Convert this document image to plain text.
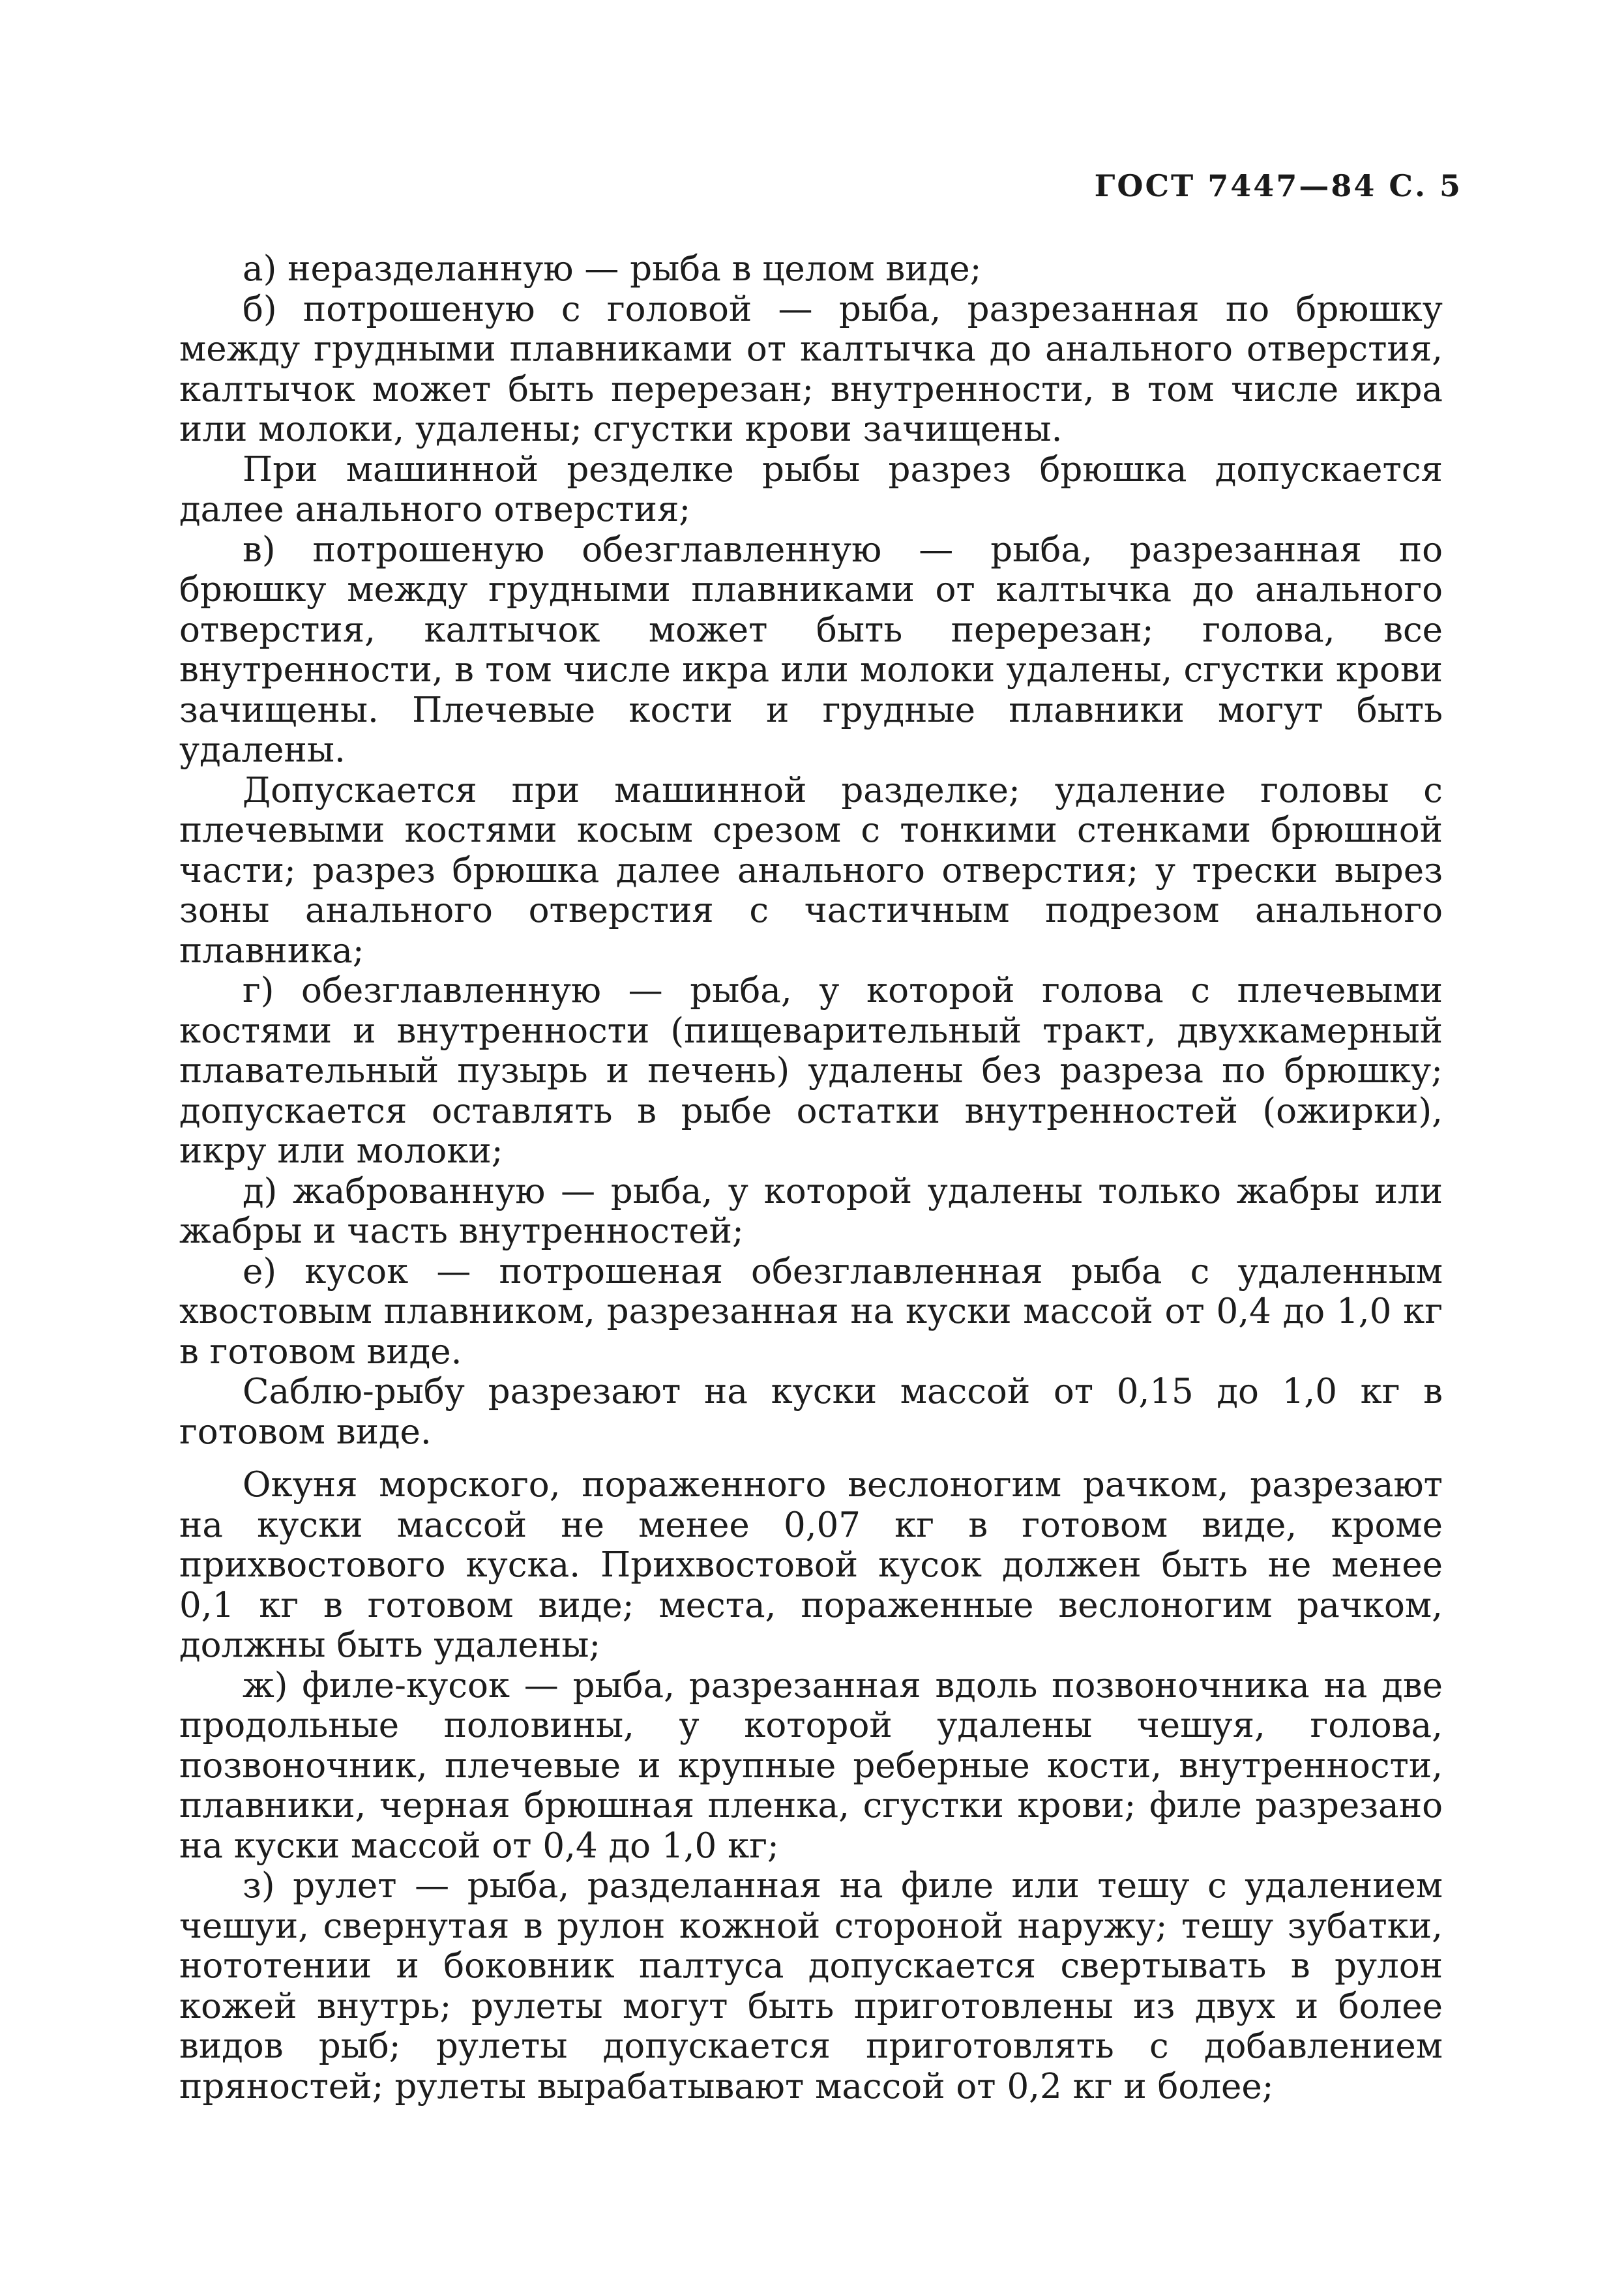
ГОСТ 7447—84 С. 5

а) неразделанную — рыба в целом виде;

б) потрошеную с головой — рыба, разрезанная по брюшку между грудными плавниками от калтычка до анального отверстия, калтычок может быть перерезан; внутренности, в том числе икра или молоки, удалены; сгустки крови зачищены.

При машинной резделке рыбы разрез брюшка допускается далее анального отверстия;

в) потрошеную обезглавленную — рыба, разрезанная по брюшку между грудными плавниками от калтычка до анального отверстия, калтычок может быть перерезан; голова, все внутренности, в том числе икра или молоки удалены, сгустки крови зачищены. Плечевые кости и грудные плавники могут быть удалены.

Допускается при машинной разделке; удаление головы с плечевыми костями косым срезом с тонкими стенками брюшной части; разрез брюшка далее анального отверстия; у трески вырез зоны анального отверстия с частичным подрезом анального плавника;

г) обезглавленную — рыба, у которой голова с плечевыми костями и внутренности (пищеварительный тракт, двухкамерный плавательный пузырь и печень) удалены без разреза по брюшку; допускается оставлять в рыбе остатки внутренностей (ожирки), икру или молоки;

д) жаброванную — рыба, у которой удалены только жабры или жабры и часть внутренностей;

е) кусок — потрошеная обезглавленная рыба с удаленным хвостовым плавником, разрезанная на куски массой от 0,4 до 1,0 кг в готовом виде.

Саблю-рыбу разрезают на куски массой от 0,15 до 1,0 кг в готовом виде.

Окуня морского, пораженного веслоногим рачком, разрезают на куски массой не менее 0,07 кг в готовом виде, кроме прихвостового куска. Прихвостовой кусок должен быть не менее 0,1 кг в готовом виде; места, пораженные веслоногим рачком, должны быть удалены;

ж) филе-кусок — рыба, разрезанная вдоль позвоночника на две продольные половины, у которой удалены чешуя, голова, позвоночник, плечевые и крупные реберные кости, внутренности, плавники, черная брюшная пленка, сгустки крови; филе разрезано на куски массой от 0,4 до 1,0 кг;

з) рулет — рыба, разделанная на филе или тешу с удалением чешуи, свернутая в рулон кожной стороной наружу; тешу зубатки, нототении и боковник палтуса допускается свертывать в рулон кожей внутрь; рулеты могут быть приготовлены из двух и более видов рыб; рулеты допускается приготовлять с добавлением пряностей; рулеты вырабатывают массой от 0,2 кг и более;
